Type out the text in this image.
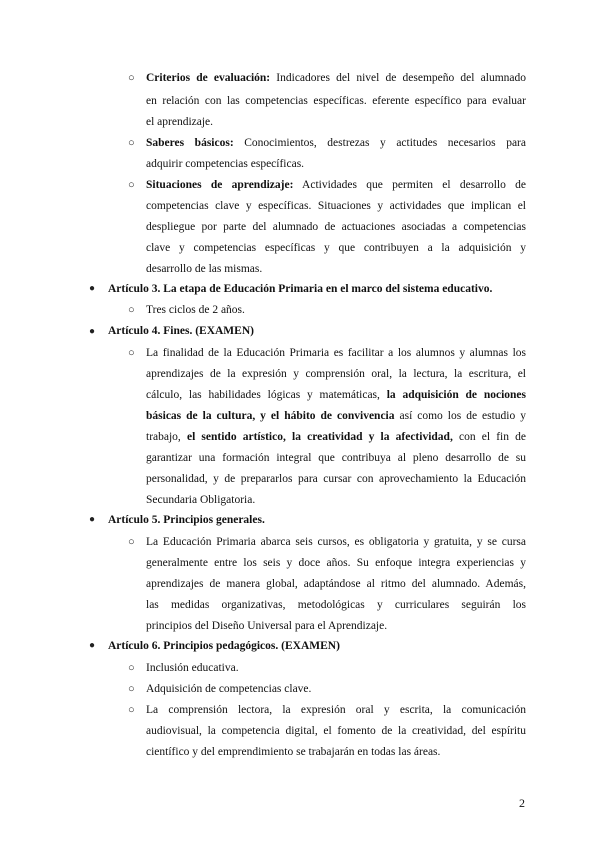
○ Criterios de evaluación: Indicadores del nivel de desempeño del alumnado
en relación con las competencias específicas. eferente específico para evaluar
el aprendizaje.
○ Saberes básicos: Conocimientos, destrezas y actitudes necesarios para
adquirir competencias específicas.
○ Situaciones de aprendizaje: Actividades que permiten el desarrollo de
competencias clave y específicas. Situaciones y actividades que implican el
despliegue por parte del alumnado de actuaciones asociadas a competencias
clave y competencias específicas y que contribuyen a la adquisición y
desarrollo de las mismas.
● Artículo 3. La etapa de Educación Primaria en el marco del sistema educativo.
○ Tres ciclos de 2 años.
● Artículo 4. Fines. (EXAMEN)
○ La finalidad de la Educación Primaria es facilitar a los alumnos y alumnas los
aprendizajes de la expresión y comprensión oral, la lectura, la escritura, el
cálculo, las habilidades lógicas y matemáticas, la adquisición de nociones
básicas de la cultura, y el hábito de convivencia así como los de estudio y
trabajo, el sentido artístico, la creatividad y la afectividad, con el fin de
garantizar una formación integral que contribuya al pleno desarrollo de su
personalidad, y de prepararlos para cursar con aprovechamiento la Educación
Secundaria Obligatoria.
● Artículo 5. Principios generales.
○ La Educación Primaria abarca seis cursos, es obligatoria y gratuita, y se cursa
generalmente entre los seis y doce años. Su enfoque integra experiencias y
aprendizajes de manera global, adaptándose al ritmo del alumnado. Además,
las medidas organizativas, metodológicas y curriculares seguirán los
principios del Diseño Universal para el Aprendizaje.
● Artículo 6. Principios pedagógicos. (EXAMEN)
○ Inclusión educativa.
○ Adquisición de competencias clave.
○ La comprensión lectora, la expresión oral y escrita, la comunicación
audiovisual, la competencia digital, el fomento de la creatividad, del espíritu
científico y del emprendimiento se trabajarán en todas las áreas.
2
